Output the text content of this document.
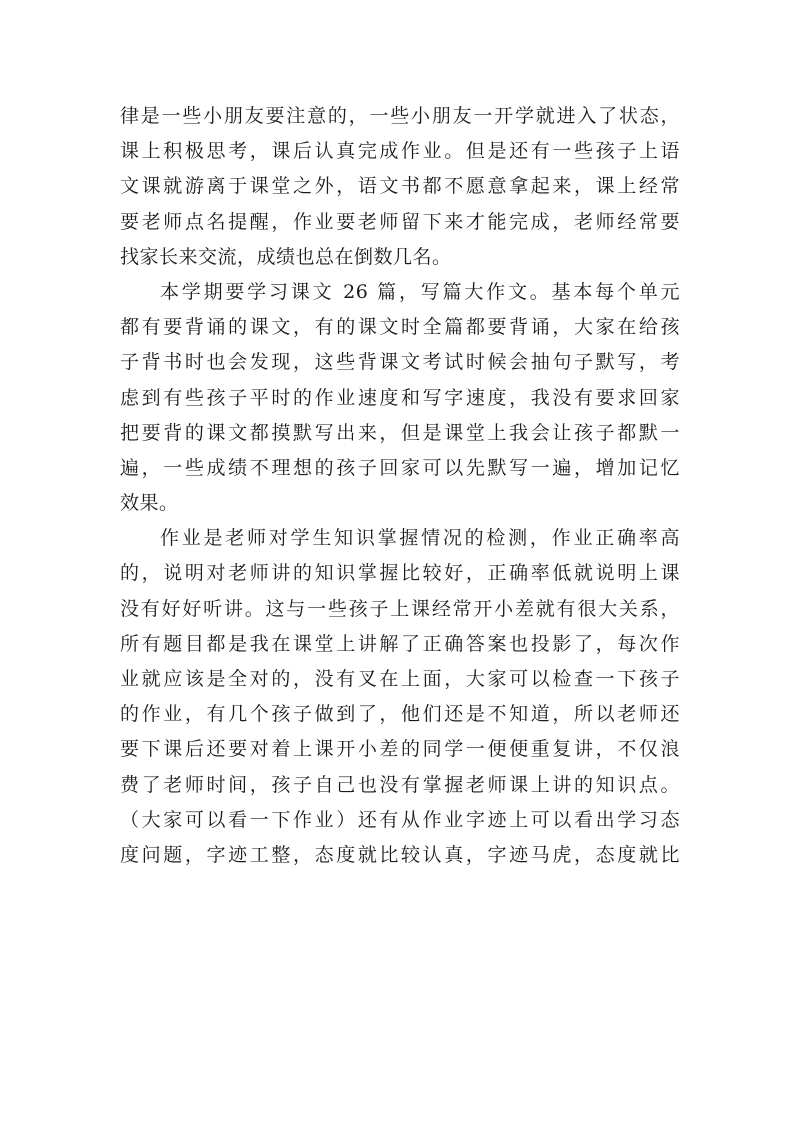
律是一些小朋友要注意的，一些小朋友一开学就进入了状态，
课上积极思考，课后认真完成作业。但是还有一些孩子上语
文课就游离于课堂之外，语文书都不愿意拿起来，课上经常
要老师点名提醒，作业要老师留下来才能完成，老师经常要
找家长来交流，成绩也总在倒数几名。
本学期要学习课文 26 篇，写篇大作文。基本每个单元
都有要背诵的课文，有的课文时全篇都要背诵，大家在给孩
子背书时也会发现，这些背课文考试时候会抽句子默写，考
虑到有些孩子平时的作业速度和写字速度，我没有要求回家
把要背的课文都摸默写出来，但是课堂上我会让孩子都默一
遍，一些成绩不理想的孩子回家可以先默写一遍，增加记忆
效果。
作业是老师对学生知识掌握情况的检测，作业正确率高
的，说明对老师讲的知识掌握比较好，正确率低就说明上课
没有好好听讲。这与一些孩子上课经常开小差就有很大关系，
所有题目都是我在课堂上讲解了正确答案也投影了，每次作
业就应该是全对的，没有叉在上面，大家可以检查一下孩子
的作业，有几个孩子做到了，他们还是不知道，所以老师还
要下课后还要对着上课开小差的同学一便便重复讲，不仅浪
费了老师时间，孩子自己也没有掌握老师课上讲的知识点。
（大家可以看一下作业）还有从作业字迹上可以看出学习态
度问题，字迹工整，态度就比较认真，字迹马虎，态度就比
